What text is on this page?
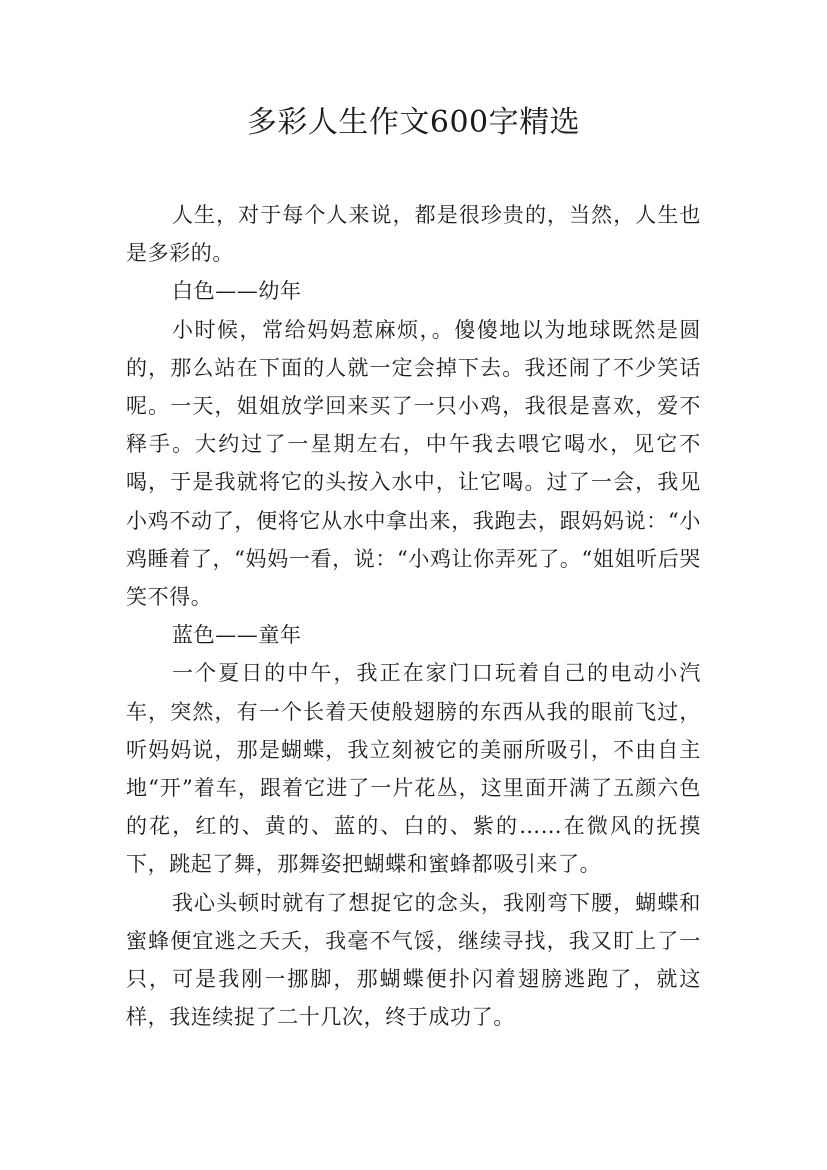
多彩人生作文600字精选

人生，对于每个人来说，都是很珍贵的，当然，人生也是多彩的。

白色——幼年

小时候，常给妈妈惹麻烦，。傻傻地以为地球既然是圆的，那么站在下面的人就一定会掉下去。我还闹了不少笑话呢。一天，姐姐放学回来买了一只小鸡，我很是喜欢，爱不释手。大约过了一星期左右，中午我去喂它喝水，见它不喝，于是我就将它的头按入水中，让它喝。过了一会，我见小鸡不动了，便将它从水中拿出来，我跑去，跟妈妈说：“小鸡睡着了，“妈妈一看，说：“小鸡让你弄死了。“姐姐听后哭笑不得。

蓝色——童年

一个夏日的中午，我正在家门口玩着自己的电动小汽车，突然，有一个长着天使般翅膀的东西从我的眼前飞过，听妈妈说，那是蝴蝶，我立刻被它的美丽所吸引，不由自主地“开”着车，跟着它进了一片花丛，这里面开满了五颜六色的花，红的、黄的、蓝的、白的、紫的……在微风的抚摸下，跳起了舞，那舞姿把蝴蝶和蜜蜂都吸引来了。

我心头顿时就有了想捉它的念头，我刚弯下腰，蝴蝶和蜜蜂便宜逃之夭夭，我毫不气馁，继续寻找，我又盯上了一只，可是我刚一挪脚，那蝴蝶便扑闪着翅膀逃跑了，就这样，我连续捉了二十几次，终于成功了。
